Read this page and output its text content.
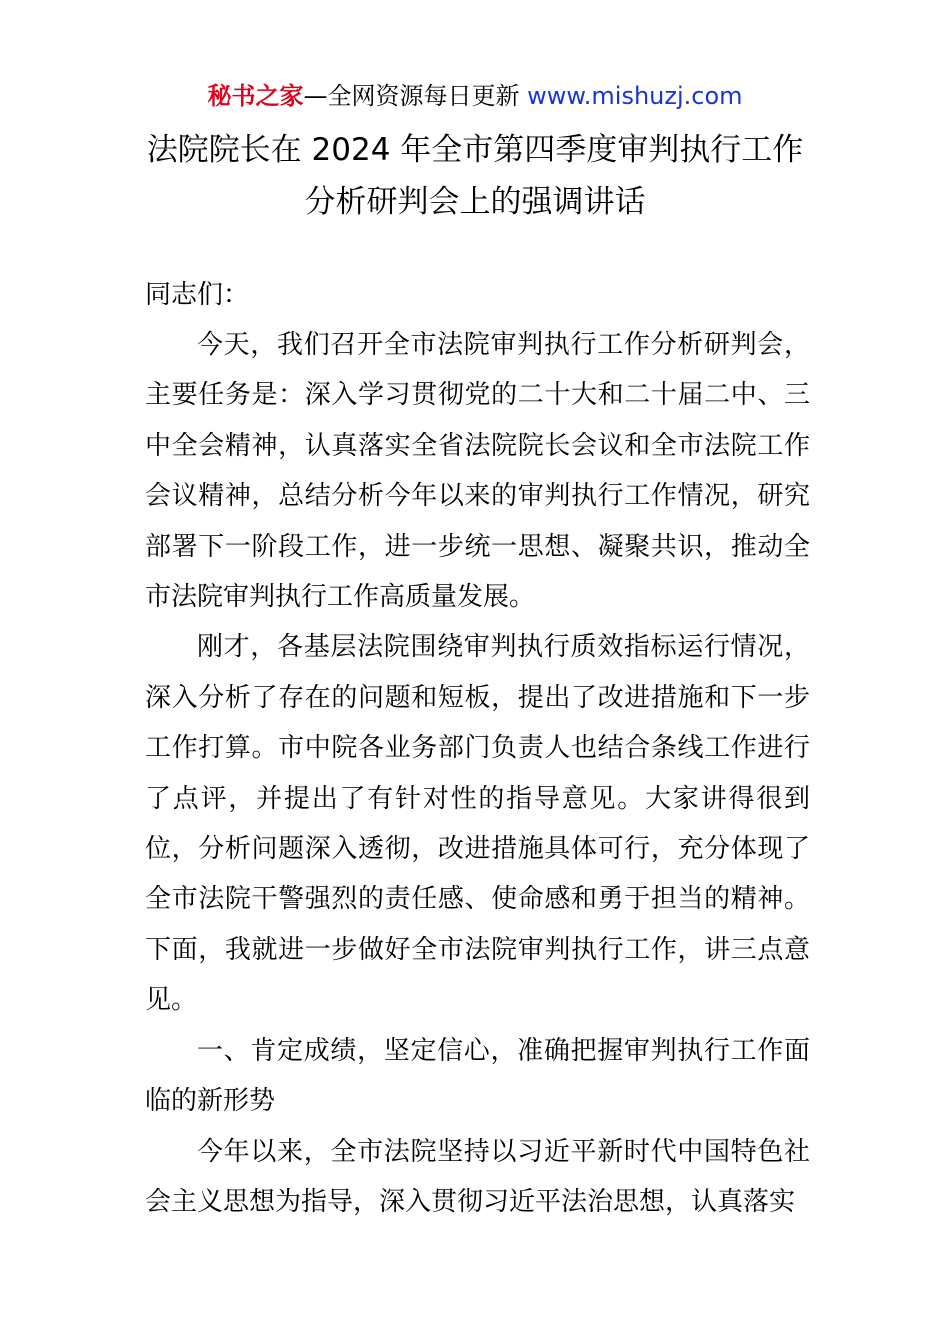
秘书之家—全网资源每日更新 www.mishuzj.com
法院院长在 2024 年全市第四季度审判执行工作
分析研判会上的强调讲话
同志们：

今天，我们召开全市法院审判执行工作分析研判会，主要任务是：深入学习贯彻党的二十大和二十届二中、三中全会精神，认真落实全省法院院长会议和全市法院工作会议精神，总结分析今年以来的审判执行工作情况，研究部署下一阶段工作，进一步统一思想、凝聚共识，推动全市法院审判执行工作高质量发展。

刚才，各基层法院围绕审判执行质效指标运行情况，深入分析了存在的问题和短板，提出了改进措施和下一步工作打算。市中院各业务部门负责人也结合条线工作进行了点评，并提出了有针对性的指导意见。大家讲得很到位，分析问题深入透彻，改进措施具体可行，充分体现了全市法院干警强烈的责任感、使命感和勇于担当的精神。下面，我就进一步做好全市法院审判执行工作，讲三点意见。

一、肯定成绩，坚定信心，准确把握审判执行工作面临的新形势

今年以来，全市法院坚持以习近平新时代中国特色社会主义思想为指导，深入贯彻习近平法治思想，认真落实
